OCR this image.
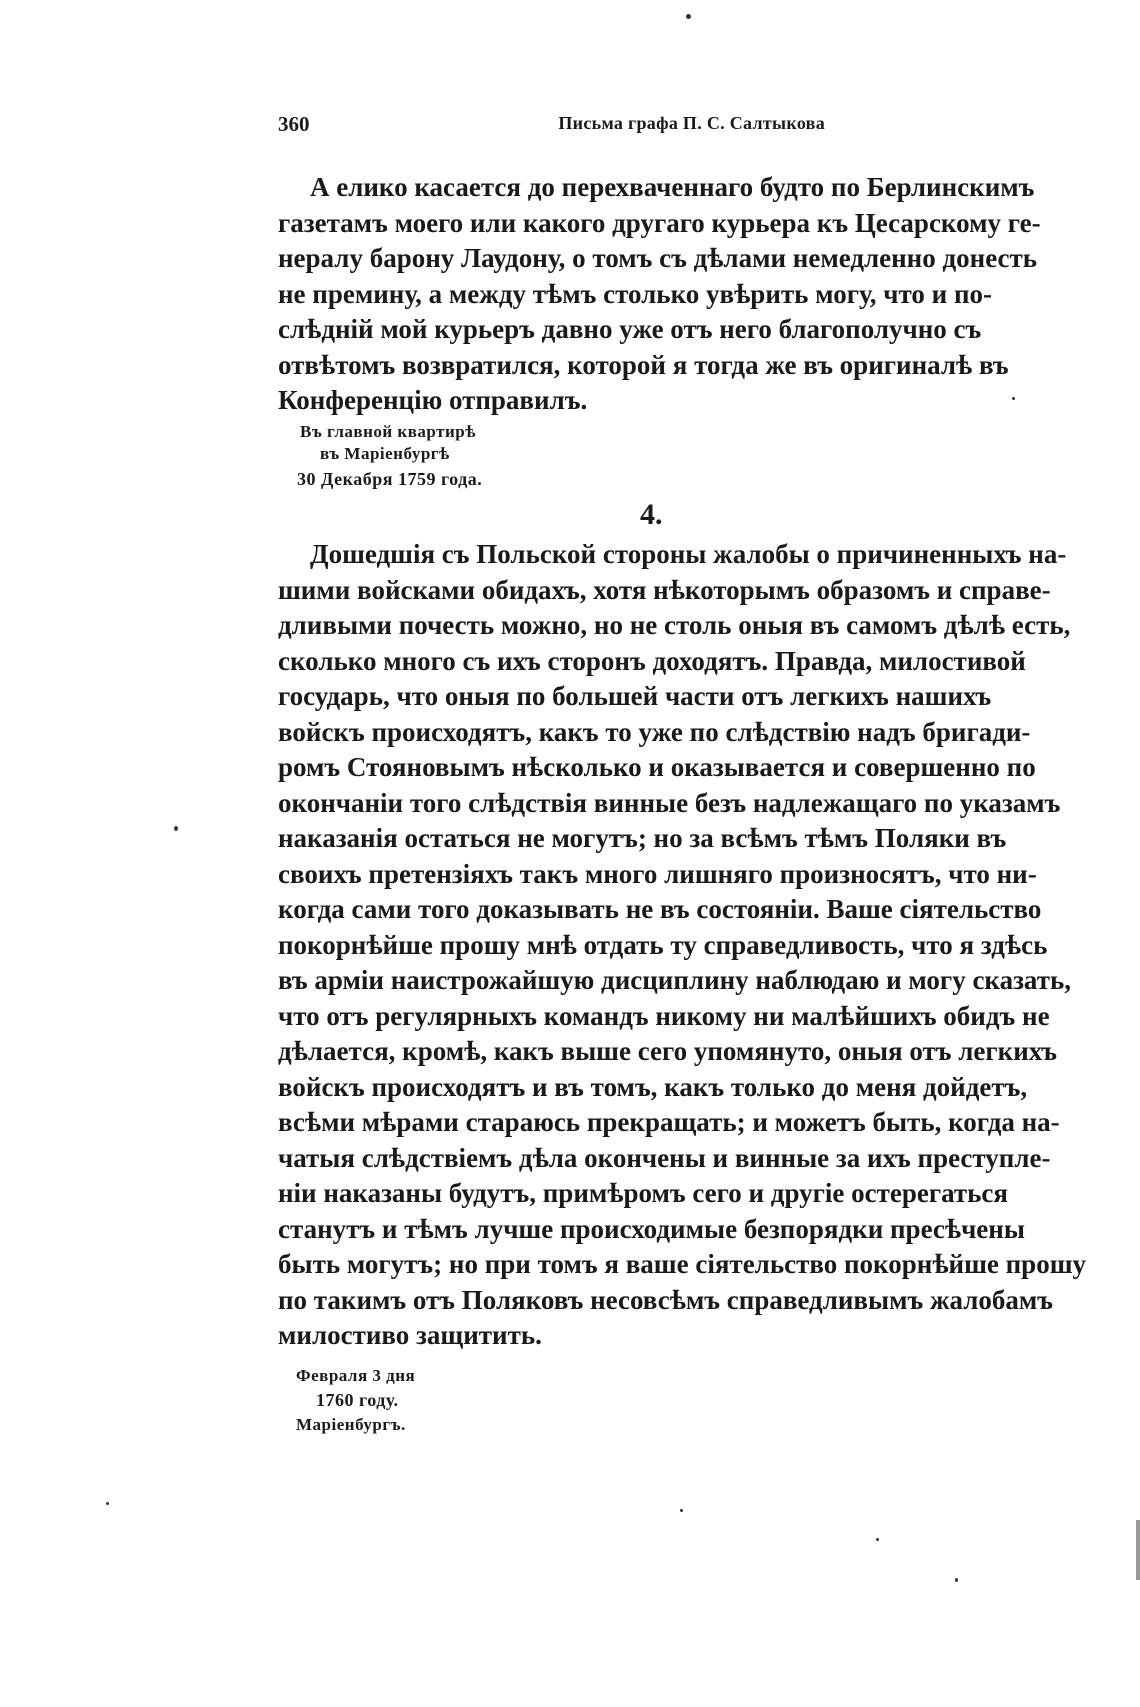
360	Письма графа П. С. Салтыкова
А елико касается до перехваченнаго будто по Берлинскимъ
газетамъ моего или какого другаго курьера къ Цесарскому ге-
нералу барону Лаудону, о томъ съ дѣлами немедленно донесть
не премину, а между тѣмъ столько увѣрить могу, что и по-
слѣдній мой курьеръ давно уже отъ него благополучно съ
отвѣтомъ возвратился, которой я тогда же въ оригиналѣ въ
Конференцію отправилъ.
Въ главной квартирѣ
въ Маріенбургѣ
30 Декабря 1759 года.
4.
Дошедшія съ Польской стороны жалобы о причиненныхъ на-
шими войсками обидахъ, хотя нѣкоторымъ образомъ и справе-
дливыми почесть можно, но не столь оныя въ самомъ дѣлѣ есть,
сколько много съ ихъ сторонъ доходятъ. Правда, милостивой
государь, что оныя по большей части отъ легкихъ нашихъ
войскъ происходятъ, какъ то уже по слѣдствію надъ бригади-
ромъ Стояновымъ нѣсколько и оказывается и совершенно по
окончаніи того слѣдствія винные безъ надлежащаго по указамъ
наказанія остаться не могутъ; но за всѣмъ тѣмъ Поляки въ
своихъ претензіяхъ такъ много лишняго произносятъ, что ни-
когда сами того доказывать не въ состояніи. Ваше сіятельство
покорнѣйше прошу мнѣ отдать ту справедливость, что я здѣсь
въ арміи наистрожайшую дисциплину наблюдаю и могу сказать,
что отъ регулярныхъ командъ никому ни малѣйшихъ обидъ не
дѣлается, кромѣ, какъ выше сего упомянуто, оныя отъ легкихъ
войскъ происходятъ и въ томъ, какъ только до меня дойдетъ,
всѣми мѣрами стараюсь прекращать; и можетъ быть, когда на-
чатыя слѣдствіемъ дѣла окончены и винные за ихъ преступле-
ніи наказаны будутъ, примѣромъ сего и другіе остерегаться
станутъ и тѣмъ лучше происходимые безпорядки пресѣчены
быть могутъ; но при томъ я ваше сіятельство покорнѣйше прошу
по такимъ отъ Поляковъ несовсѣмъ справедливымъ жалобамъ
милостиво защитить.
Февраля 3 дня
1760 году.
Маріенбургъ.
